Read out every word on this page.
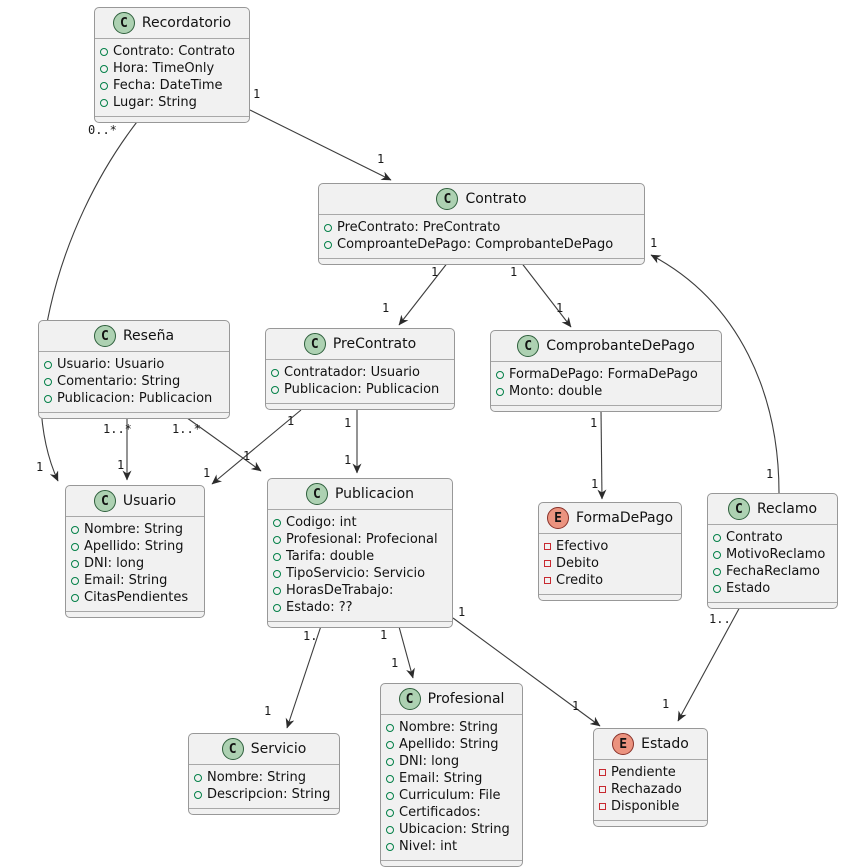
C	Recordatorio
Contrato: Contrato
Hora: TimeOnly
Fecha: DateTime
Lugar: String
C	Contrato
PreContrato: PreContrato
ComproanteDePago: ComprobanteDePago
C	Reseña
Usuario: Usuario
Comentario: String
Publicacion: Publicacion
C	PreContrato
Contratador: Usuario
Publicacion: Publicacion
C	ComprobanteDePago
FormaDePago: FormaDePago
Monto: double
C	Usuario
Nombre: String
Apellido: String
DNI: long
Email: String
CitasPendientes
C	Publicacion
Codigo: int
Profesional: Profecional
Tarifa: double
TipoServicio: Servicio
HorasDeTrabajo:
Estado: ??
E	FormaDePago
Efectivo
Debito
Credito
C	Reclamo
Contrato
MotivoReclamo
FechaReclamo
Estado
C	Servicio
Nombre: String
Descripcion: String
C	Profesional
Nombre: String
Apellido: String
DNI: long
Email: String
Curriculum: File
Certificados:
Ubicacion: String
Nivel: int
E	Estado
Pendiente
Rechazado
Disponible
1
1
0..*
1
1..*
1
1..*
1
1
1
1
1
1
1
1
1
1
1
1.
1
1
1
1
1
1..
1
1
1
